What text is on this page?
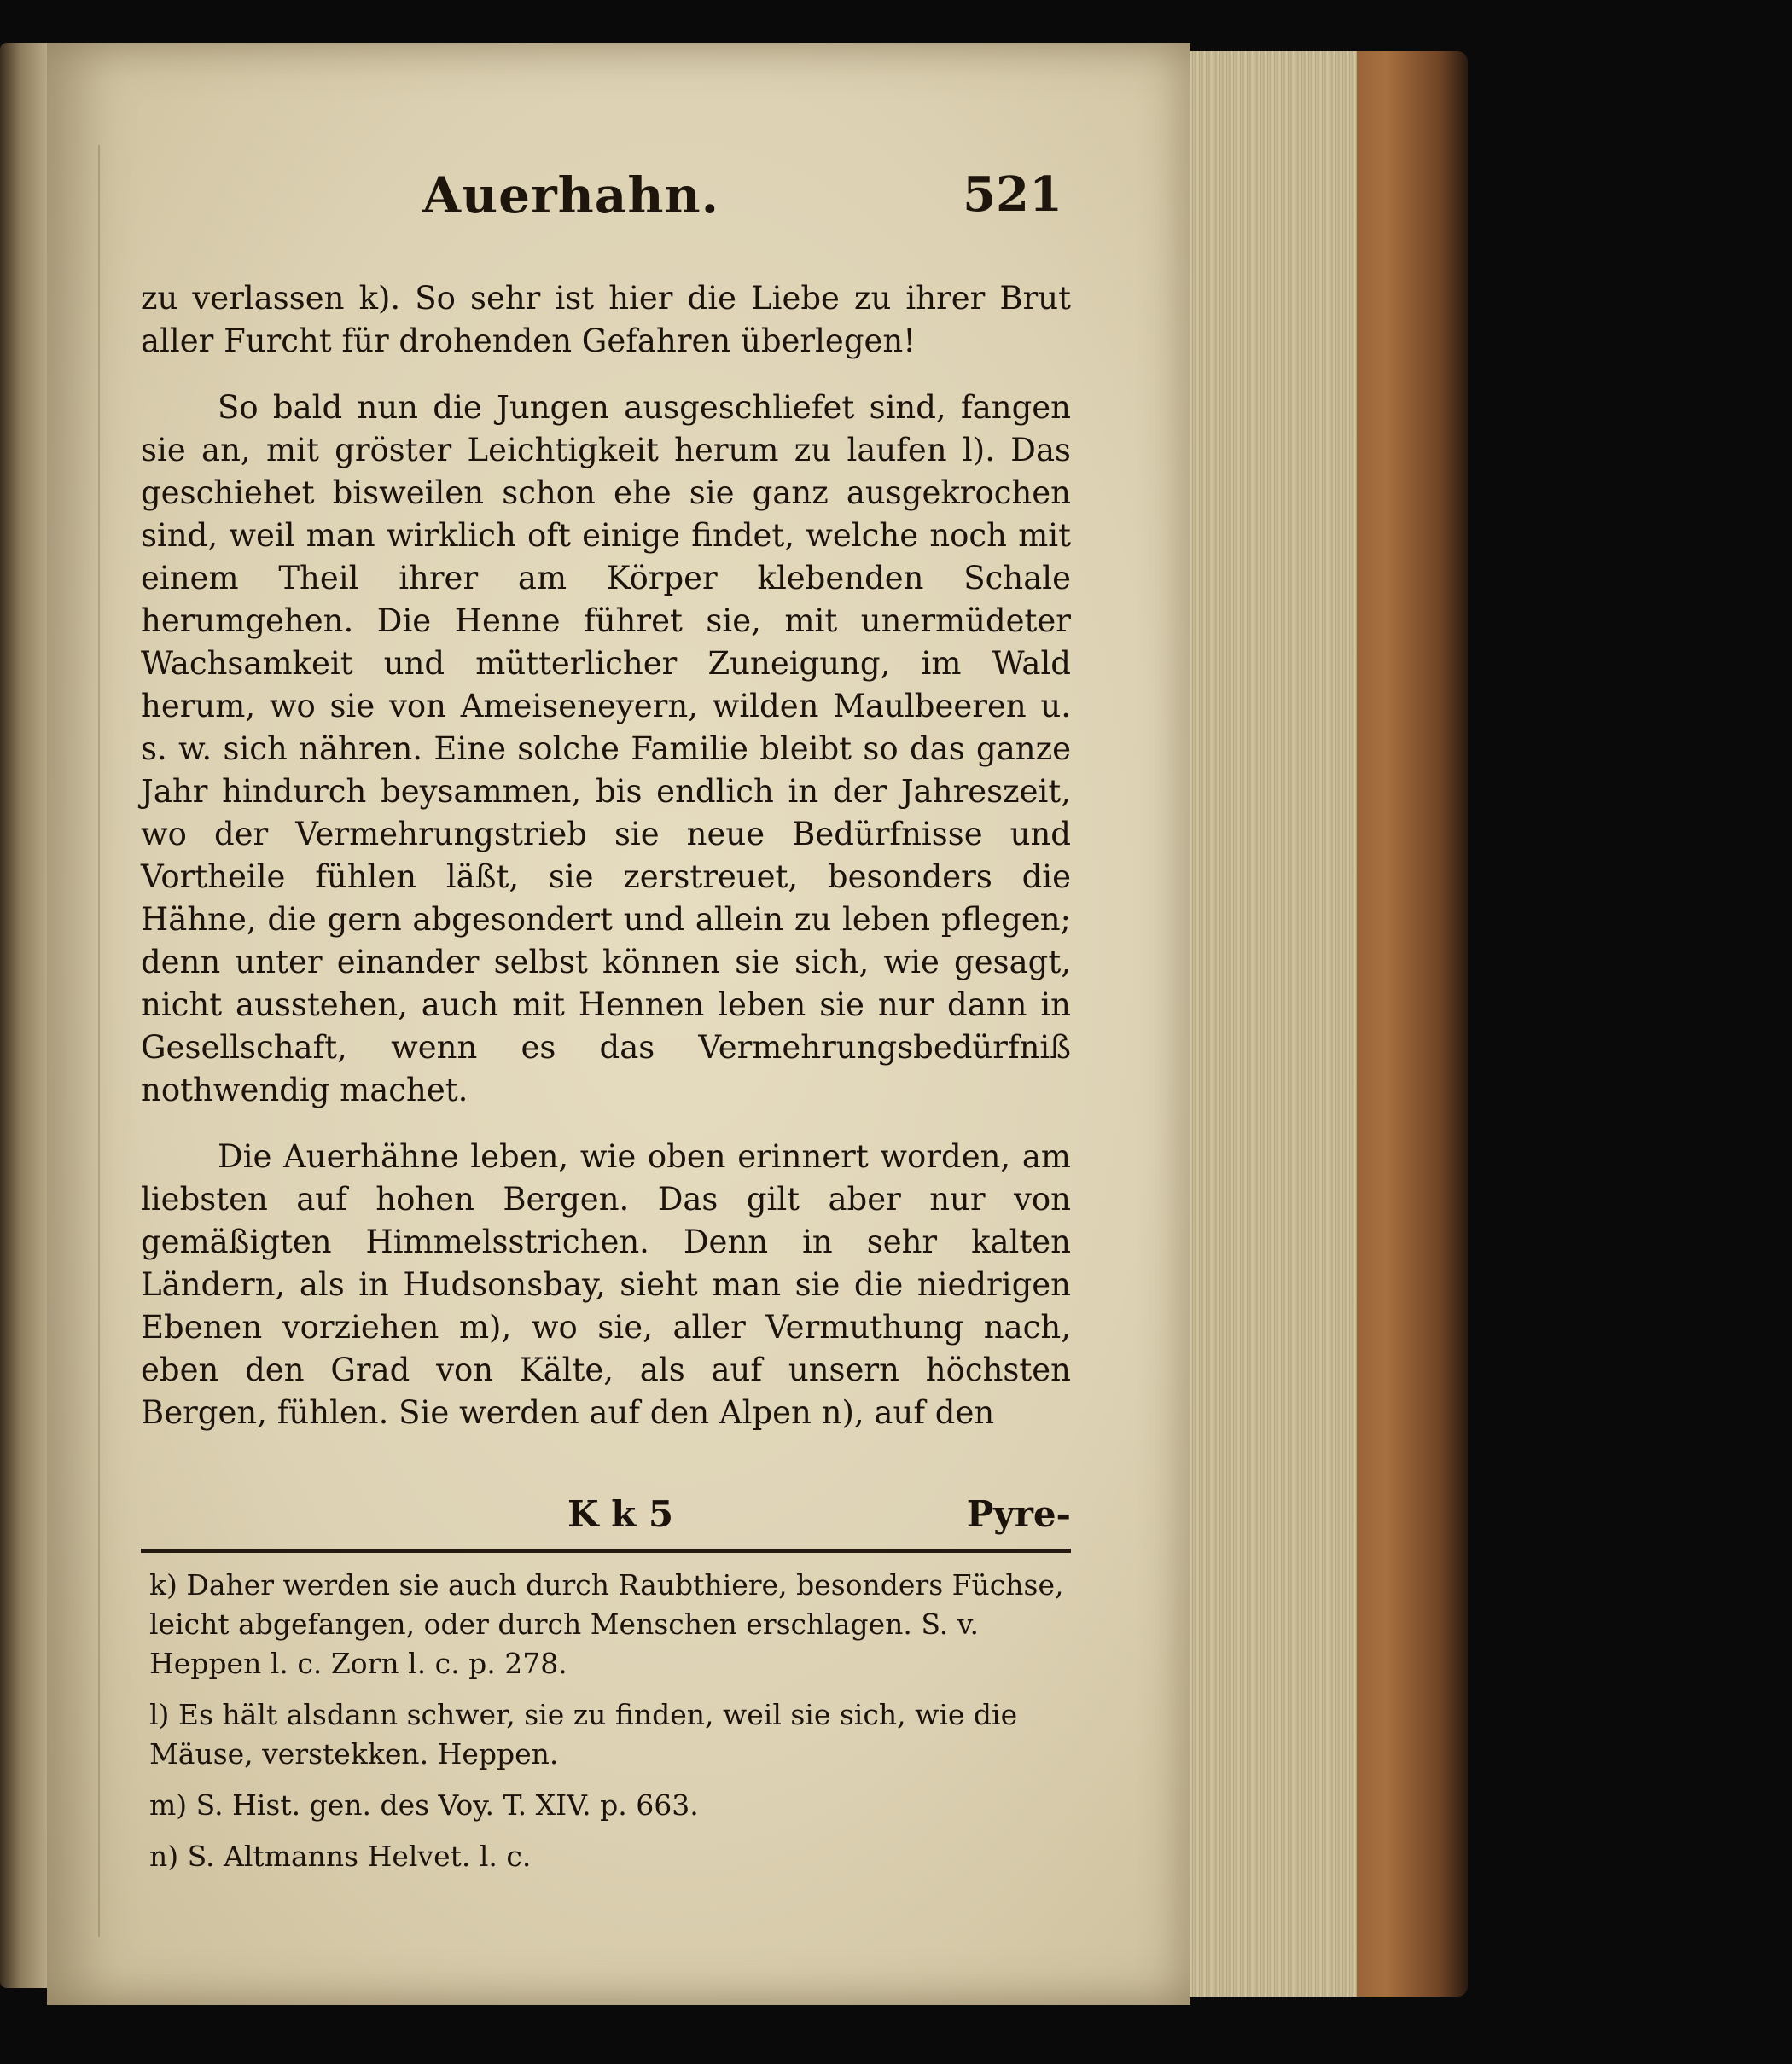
Auerhahn.	521

zu verlassen k). So sehr ist hier die Liebe zu ihrer Brut aller Furcht für drohenden Gefahren überlegen!

So bald nun die Jungen ausgeschliefet sind, fangen sie an, mit gröster Leichtigkeit herum zu laufen l). Das geschiehet bisweilen schon ehe sie ganz ausgekrochen sind, weil man wirklich oft einige findet, welche noch mit einem Theil ihrer am Körper klebenden Schale herumgehen. Die Henne führet sie, mit unermüdeter Wachsamkeit und mütterlicher Zuneigung, im Wald herum, wo sie von Ameiseneyern, wilden Maulbeeren u. s. w. sich nähren. Eine solche Familie bleibt so das ganze Jahr hindurch beysammen, bis endlich in der Jahreszeit, wo der Vermehrungstrieb sie neue Bedürfnisse und Vortheile fühlen läßt, sie zerstreuet, besonders die Hähne, die gern abgesondert und allein zu leben pflegen; denn unter einander selbst können sie sich, wie gesagt, nicht ausstehen, auch mit Hennen leben sie nur dann in Gesellschaft, wenn es das Vermehrungsbedürfniß nothwendig machet.

Die Auerhähne leben, wie oben erinnert worden, am liebsten auf hohen Bergen. Das gilt aber nur von gemäßigten Himmelsstrichen. Denn in sehr kalten Ländern, als in Hudsonsbay, sieht man sie die niedrigen Ebenen vorziehen m), wo sie, aller Vermuthung nach, eben den Grad von Kälte, als auf unsern höchsten Bergen, fühlen. Sie werden auf den Alpen n), auf den

K k 5	Pyre-

k) Daher werden sie auch durch Raubthiere, besonders Füchse, leicht abgefangen, oder durch Menschen erschlagen. S. v. Heppen l. c. Zorn l. c. p. 278.

l) Es hält alsdann schwer, sie zu finden, weil sie sich, wie die Mäuse, verstekken. Heppen.

m) S. Hist. gen. des Voy. T. XIV. p. 663.

n) S. Altmanns Helvet. l. c.
